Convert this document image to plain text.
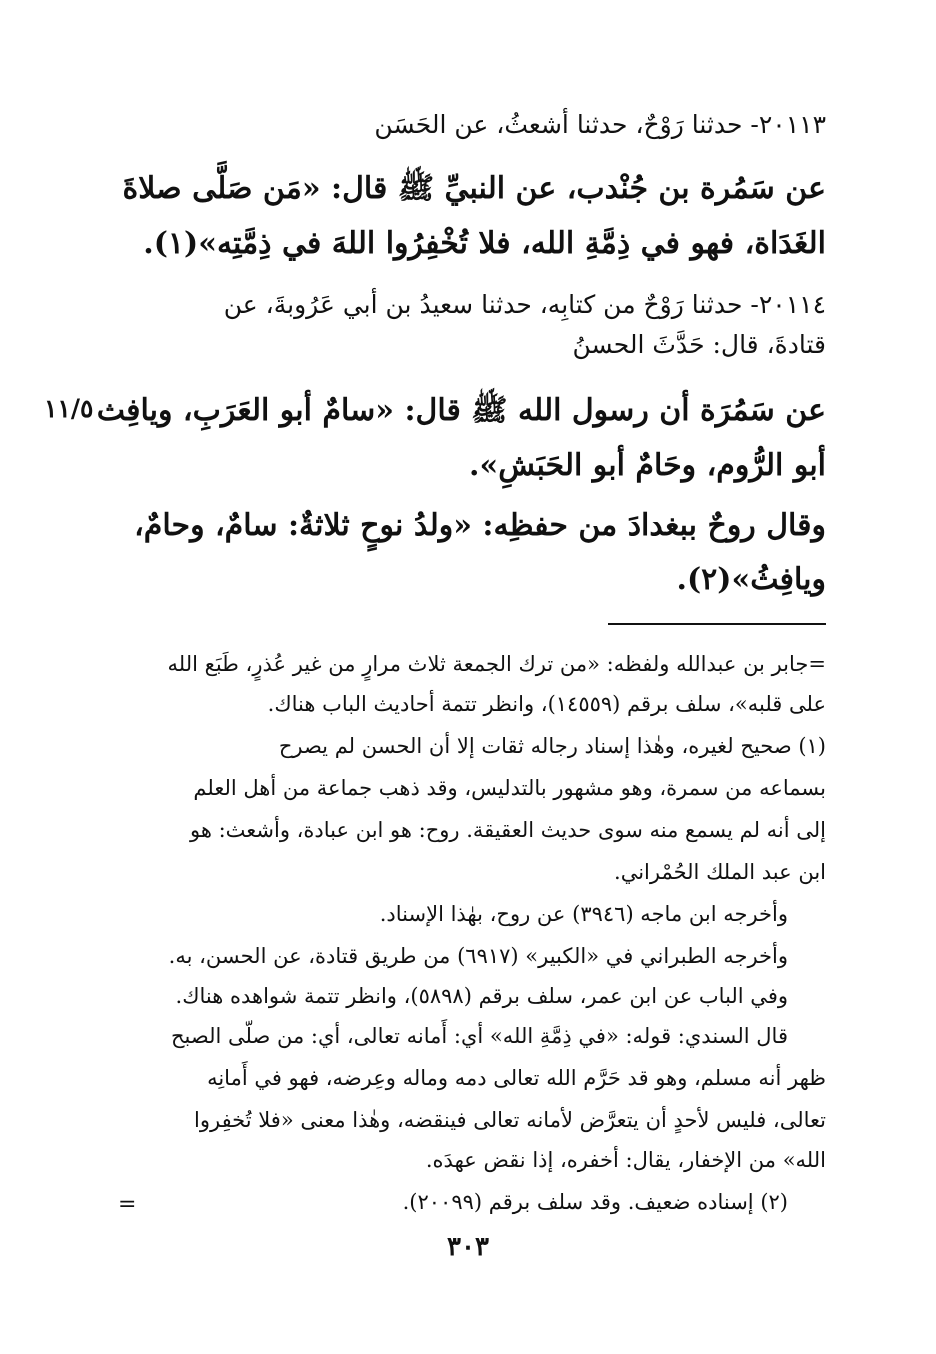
٢٠١١٣- حدثنا رَوْحٌ، حدثنا أشعثُ، عن الحَسَن
عن سَمُرة بن جُنْدب، عن النبيِّ ﷺ قال: «مَن صَلَّى صلاةَ
الغَدَاة، فهو في ذِمَّةِ الله، فلا تُخْفِرُوا اللهَ في ذِمَّتِه»(١).
٢٠١١٤- حدثنا رَوْحٌ من كتابِه، حدثنا سعيدُ بن أبي عَرُوبةَ، عن
قتادةَ، قال: حَدَّثَ الحسنُ
عن سَمُرَة أن رسول الله ﷺ قال: «سامٌ أبو العَرَبِ، ويافِث
١١/٥
أبو الرُّوم، وحَامٌ أبو الحَبَشِ».
وقال روحٌ ببغدادَ من حفظِه: «ولدُ نوحٍ ثلاثةٌ: سامٌ، وحامٌ،
ويافِثُ»(٢).
=جابر بن عبدالله ولفظه: «من ترك الجمعة ثلاث مرارٍ من غير عُذرٍ، طَبَع الله
على قلبه»، سلف برقم (١٤٥٥٩)، وانظر تتمة أحاديث الباب هناك.
(١) صحيح لغيره، وهٰذا إسناد رجاله ثقات إلا أن الحسن لم يصرح
بسماعه من سمرة، وهو مشهور بالتدليس، وقد ذهب جماعة من أهل العلم
إلى أنه لم يسمع منه سوى حديث العقيقة. روح: هو ابن عبادة، وأشعث: هو
ابن عبد الملك الحُمْراني.
وأخرجه ابن ماجه (٣٩٤٦) عن روح، بهٰذا الإسناد.
وأخرجه الطبراني في «الكبير» (٦٩١٧) من طريق قتادة، عن الحسن، به.
وفي الباب عن ابن عمر، سلف برقم (٥٨٩٨)، وانظر تتمة شواهده هناك.
قال السندي: قوله: «في ذِمَّةِ الله» أي: أَمانه تعالى، أي: من صلّى الصبح
ظهر أنه مسلم، وهو قد حَرَّم الله تعالى دمه وماله وعِرضه، فهو في أَمانِه
تعالى، فليس لأحدٍ أن يتعرَّض لأمانه تعالى فينقضه، وهٰذا معنى «فلا تُخفِروا
الله» من الإخفار، يقال: أخفره، إذا نقض عهدَه.
(٢) إسناده ضعيف. وقد سلف برقم (٢٠٠٩٩).
=
٣٠٣
